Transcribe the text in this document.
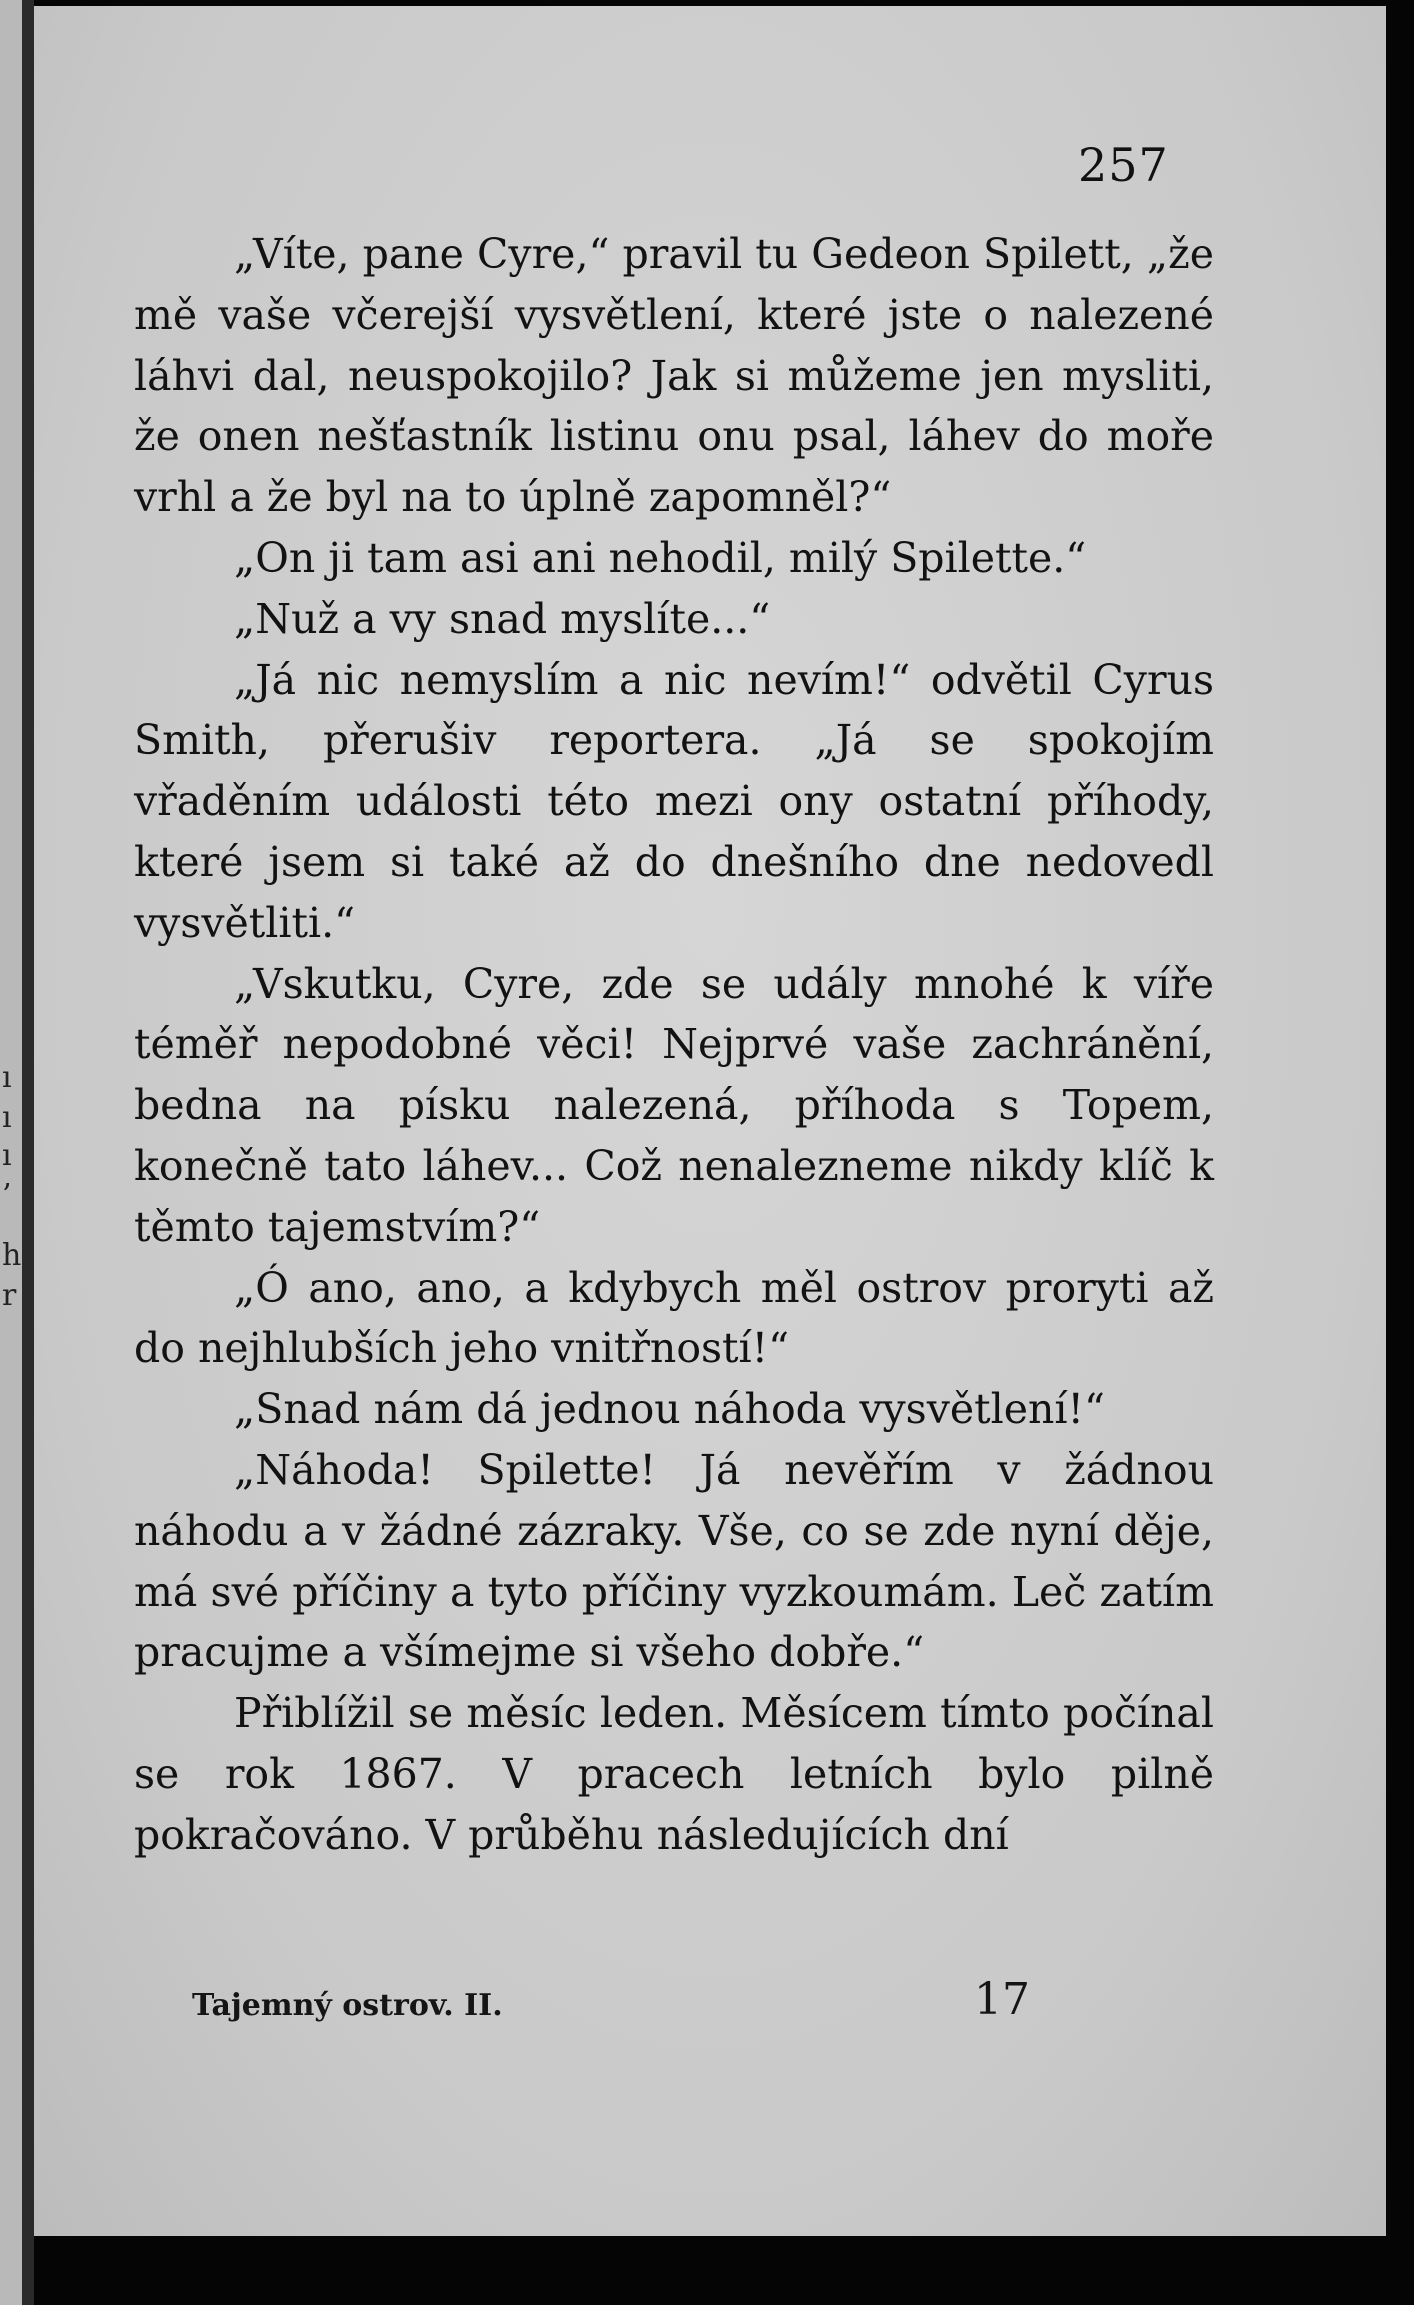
ı
ı
ı
’
h
r
257

„Víte, pane Cyre,“ pravil tu Gedeon Spilett, „že mě vaše včerejší vysvětlení, které jste o nalezené láhvi dal, neuspokojilo? Jak si můžeme jen mysliti, že onen nešťastník listinu onu psal, láhev do moře vrhl a že byl na to úplně zapomněl?“

„On ji tam asi ani nehodil, milý Spilette.“

„Nuž a vy snad myslíte...“

„Já nic nemyslím a nic nevím!“ odvětil Cyrus Smith, přerušiv reportera. „Já se spokojím vřaděním události této mezi ony ostatní příhody, které jsem si také až do dnešního dne nedovedl vysvětliti.“

„Vskutku, Cyre, zde se udály mnohé k víře téměř nepodobné věci! Nejprvé vaše zachránění, bedna na písku nalezená, příhoda s Topem, konečně tato láhev... Což nenalezneme nikdy klíč k těmto tajemstvím?“

„Ó ano, ano, a kdybych měl ostrov proryti až do nejhlubších jeho vnitřností!“

„Snad nám dá jednou náhoda vysvětlení!“

„Náhoda! Spilette! Já nevěřím v žádnou náhodu a v žádné zázraky. Vše, co se zde nyní děje, má své příčiny a tyto příčiny vyzkoumám. Leč zatím pracujme a všímejme si všeho dobře.“

Přiblížil se měsíc leden. Měsícem tímto počínal se rok 1867. V pracech letních bylo pilně pokračováno. V průběhu následujících dní

Tajemný ostrov. II.	17
